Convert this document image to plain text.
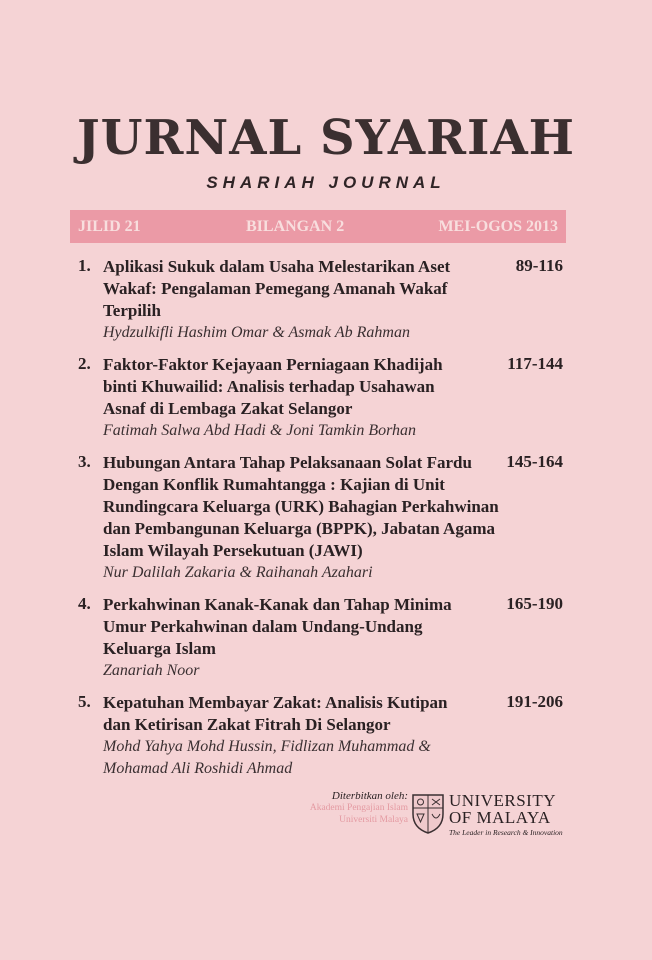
JURNAL SYARIAH
SHARIAH JOURNAL
JILID 21	BILANGAN 2	MEI-OGOS 2013
1. Aplikasi Sukuk dalam Usaha Melestarikan Aset Wakaf: Pengalaman Pemegang Amanah Wakaf Terpilih
Hydzulkifli Hashim Omar & Asmak Ab Rahman
89-116
2. Faktor-Faktor Kejayaan Perniagaan Khadijah binti Khuwailid: Analisis terhadap Usahawan Asnaf di Lembaga Zakat Selangor
Fatimah Salwa Abd Hadi & Joni Tamkin Borhan
117-144
3. Hubungan Antara Tahap Pelaksanaan Solat Fardu Dengan Konflik Rumahtangga : Kajian di Unit Rundingcara Keluarga (URK) Bahagian Perkahwinan dan Pembangunan Keluarga (BPPK), Jabatan Agama Islam Wilayah Persekutuan (JAWI)
Nur Dalilah Zakaria & Raihanah Azahari
145-164
4. Perkahwinan Kanak-Kanak dan Tahap Minima Umur Perkahwinan dalam Undang-Undang Keluarga Islam
Zanariah Noor
165-190
5. Kepatuhan Membayar Zakat: Analisis Kutipan dan Ketirisan Zakat Fitrah Di Selangor
Mohd Yahya Mohd Hussin, Fidlizan Muhammad & Mohamad Ali Roshidi Ahmad
191-206
Diterbitkan oleh:
Akademi Pengajian Islam
Universiti Malaya
UNIVERSITY
OF MALAYA
The Leader in Research & Innovation
